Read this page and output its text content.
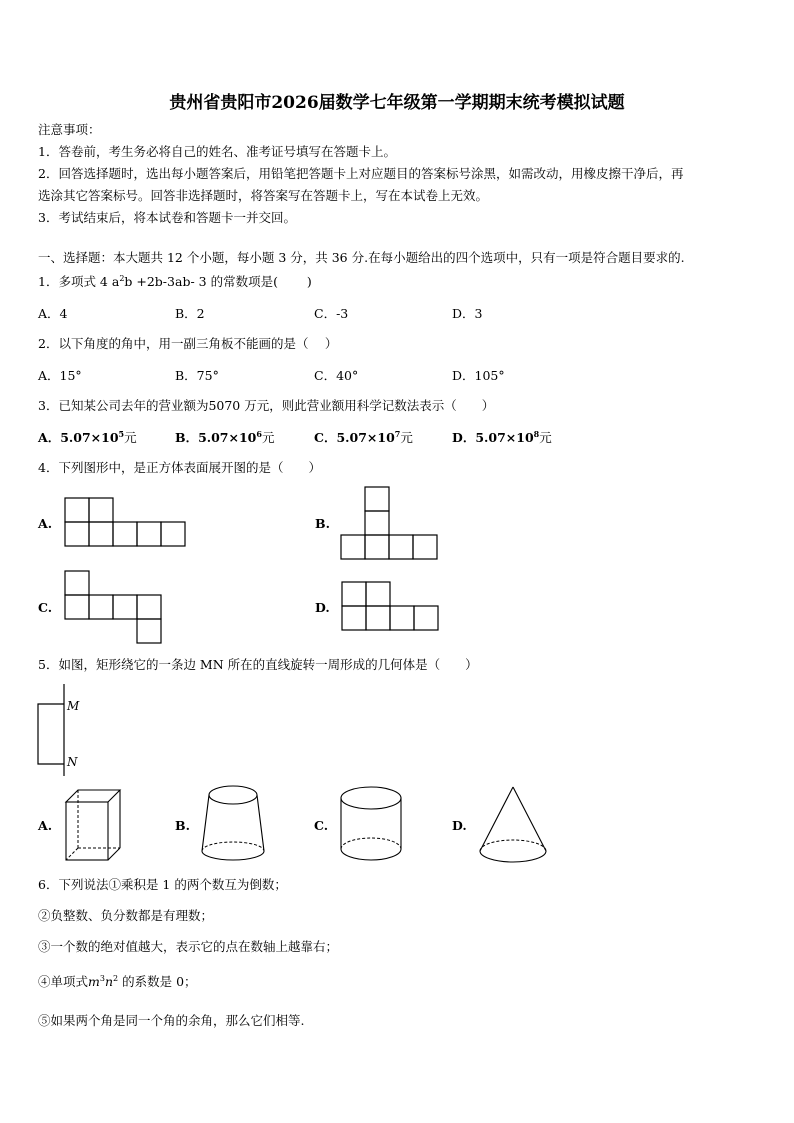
贵州省贵阳市2026届数学七年级第一学期期末统考模拟试题
注意事项：
1．答卷前，考生务必将自己的姓名、准考证号填写在答题卡上。
2．回答选择题时，选出每小题答案后，用铅笔把答题卡上对应题目的答案标号涂黑，如需改动，用橡皮擦干净后，再
选涂其它答案标号。回答非选择题时，将答案写在答题卡上，写在本试卷上无效。
3．考试结束后，将本试卷和答题卡一并交回。
一、选择题：本大题共 12 个小题，每小题 3 分，共 36 分.在每小题给出的四个选项中，只有一项是符合题目要求的.
1．多项式 4 $a^2b +2b-3ab-$ 3 的常数项是(　　 )
A．4	B．2	C．-3	D．3
2．以下角度的角中，用一副三角板不能画的是（　 ）
A．15°	B．75°	C．40°	D．105°
3．已知某公司去年的营业额为5070 万元，则此营业额用科学记数法表示（　　）
A．$5.07\times 10^5$元	B．$5.07\times 10^6$元	C．$5.07\times 10^7$元	D．$5.07\times 10^8$元
4．下列图形中，是正方体表面展开图的是（　　）
A.	B.
C.	D.
5．如图，矩形绕它的一条边 MN 所在的直线旋转一周形成的几何体是（　　）
M
N
A.	B.	C.	D.
6．下列说法①乘积是 1 的两个数互为倒数；
②负整数、负分数都是有理数；
③一个数的绝对值越大，表示它的点在数轴上越靠右；
④单项式$m^3n^2$ 的系数是 0；
⑤如果两个角是同一个角的余角，那么它们相等.
